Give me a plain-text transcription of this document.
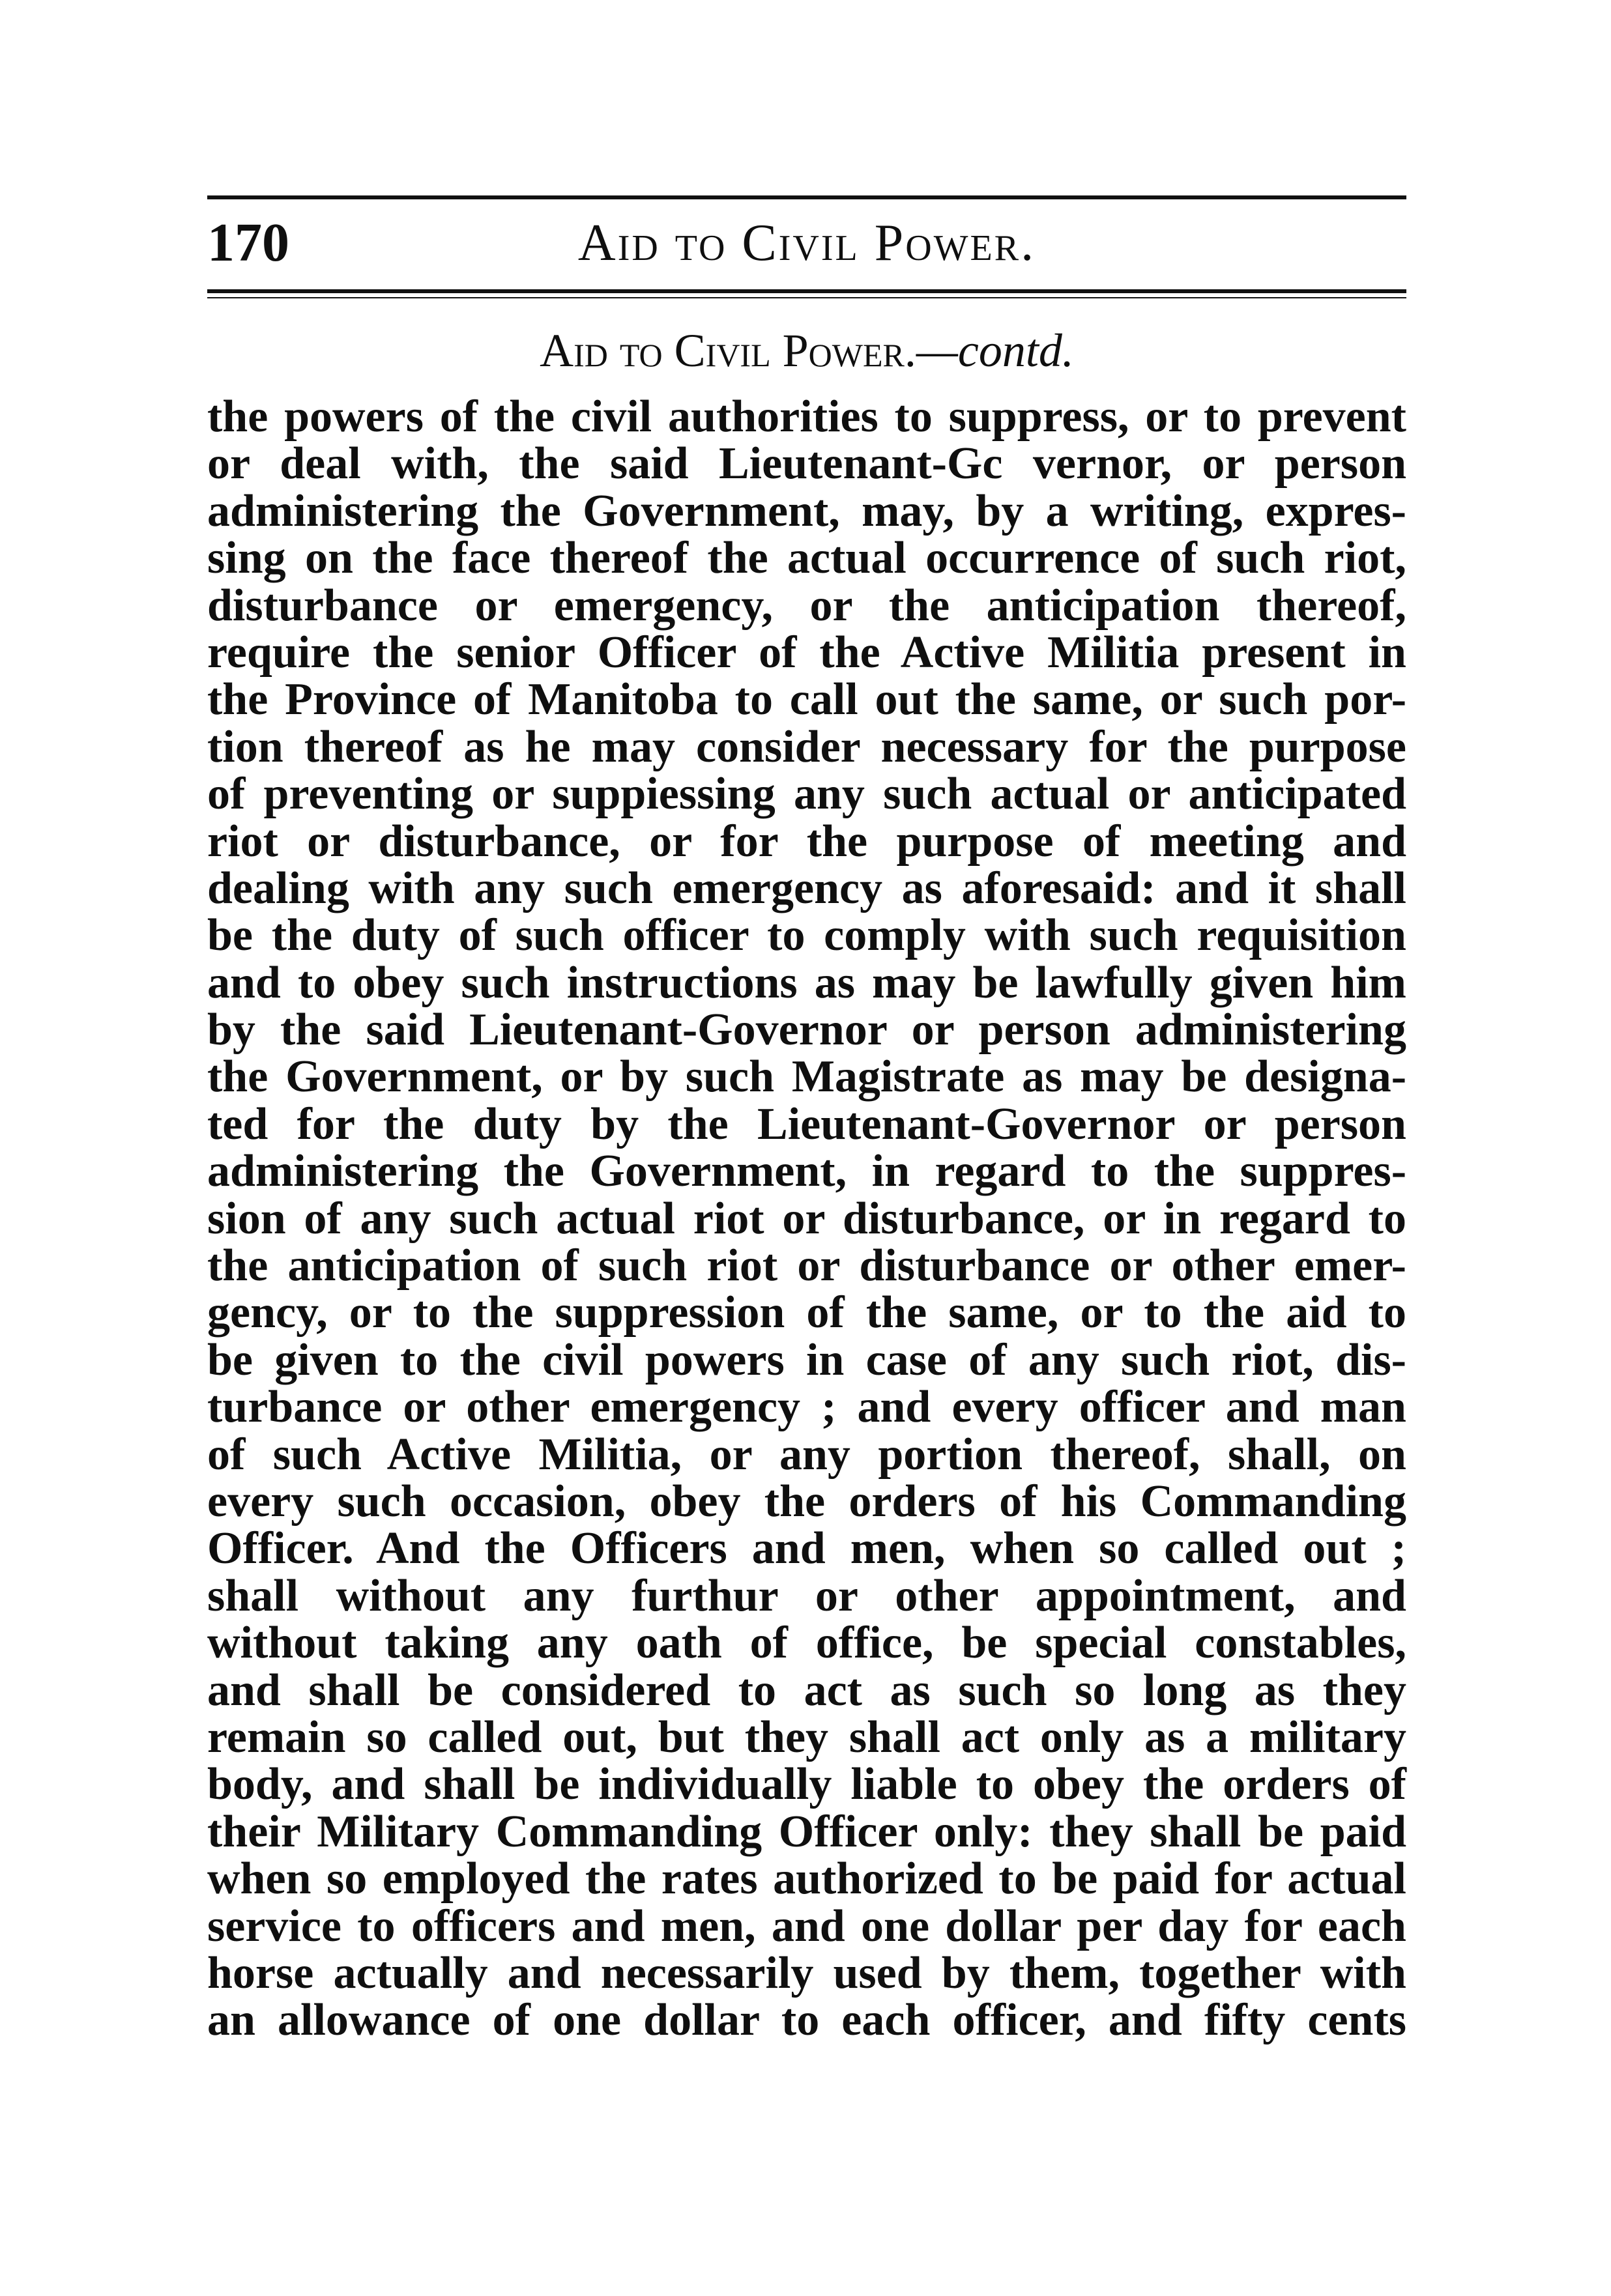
170	Aid to Civil Power.
Aid to Civil Power.—contd.
the powers of the civil authorities to suppress, or to prevent
or deal with, the said Lieutenant-Gc vernor, or person
administering the Government, may, by a writing, expres-
sing on the face thereof the actual occurrence of such riot,
disturbance or emergency, or the anticipation thereof,
require the senior Officer of the Active Militia present in
the Province of Manitoba to call out the same, or such por-
tion thereof as he may consider necessary for the purpose
of preventing or suppiessing any such actual or anticipated
riot or disturbance, or for the purpose of meeting and
dealing with any such emergency as aforesaid: and it shall
be the duty of such officer to comply with such requisition
and to obey such instructions as may be lawfully given him
by the said Lieutenant-Governor or person administering
the Government, or by such Magistrate as may be designa-
ted for the duty by the Lieutenant-Governor or person
administering the Government, in regard to the suppres-
sion of any such actual riot or disturbance, or in regard to
the anticipation of such riot or disturbance or other emer-
gency, or to the suppression of the same, or to the aid to
be given to the civil powers in case of any such riot, dis-
turbance or other emergency ; and every officer and man
of such Active Militia, or any portion thereof, shall, on
every such occasion, obey the orders of his Commanding
Officer. And the Officers and men, when so called out ;
shall without any furthur or other appointment, and
without taking any oath of office, be special constables,
and shall be considered to act as such so long as they
remain so called out, but they shall act only as a military
body, and shall be individually liable to obey the orders of
their Military Commanding Officer only: they shall be paid
when so employed the rates authorized to be paid for actual
service to officers and men, and one dollar per day for each
horse actually and necessarily used by them, together with
an allowance of one dollar to each officer, and fifty cents
